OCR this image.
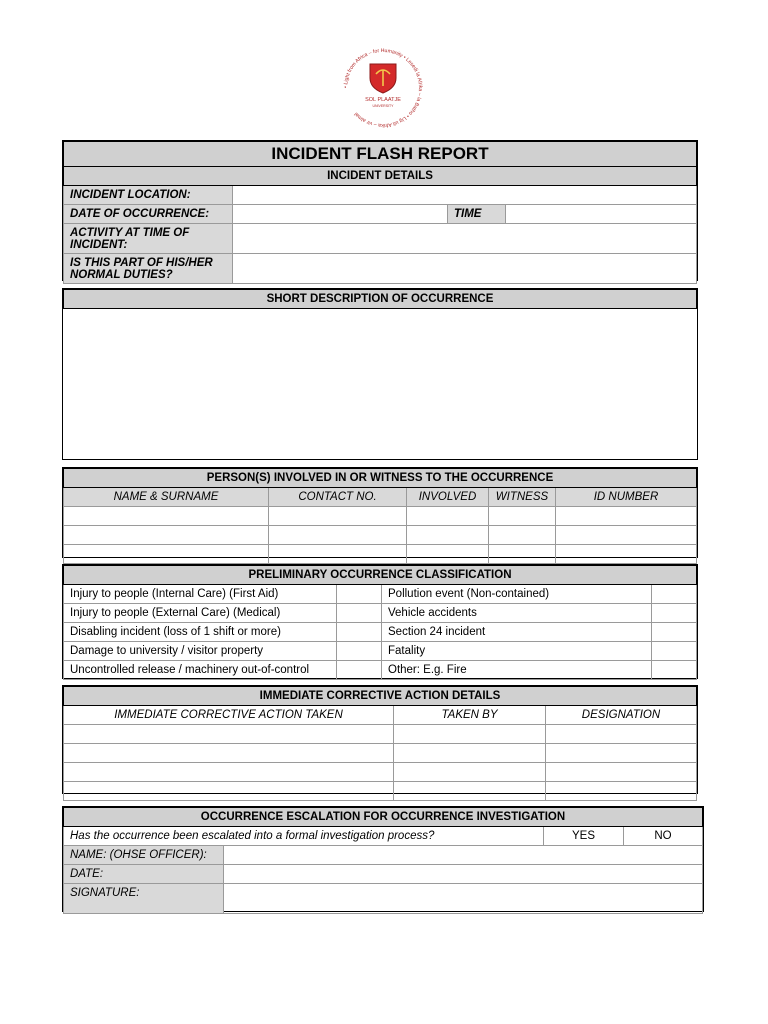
• Light from Africa – for Humanity • Lesedi la Afrika – la Batho • Lig uit Afrika – vir almal
SOL PLAATJE
UNIVERSITY
INCIDENT FLASH REPORT			
INCIDENT DETAILS			
INCIDENT LOCATION:			
DATE OF OCCURRENCE:		TIME	
ACTIVITY AT TIME OF INCIDENT:			
IS THIS PART OF HIS/HER NORMAL DUTIES?			
SHORT DESCRIPTION OF OCCURRENCE

PERSON(S) INVOLVED IN OR WITNESS TO THE OCCURRENCE				
NAME & SURNAME	CONTACT NO.	INVOLVED	WITNESS	ID NUMBER

PRELIMINARY OCCURRENCE CLASSIFICATION			
Injury to people (Internal Care) (First Aid)		Pollution event (Non-contained)	
Injury to people (External Care) (Medical)		Vehicle accidents	
Disabling incident (loss of 1 shift or more)		Section 24 incident	
Damage to university / visitor property		Fatality	
Uncontrolled release / machinery out-of-control		Other: E.g. Fire	
IMMEDIATE CORRECTIVE ACTION DETAILS		
IMMEDIATE CORRECTIVE ACTION TAKEN	TAKEN BY	DESIGNATION

OCCURRENCE ESCALATION FOR OCCURRENCE INVESTIGATION			
Has the occurrence been escalated into a formal investigation process?		YES	NO
NAME: (OHSE OFFICER):			
DATE:			
SIGNATURE:			
